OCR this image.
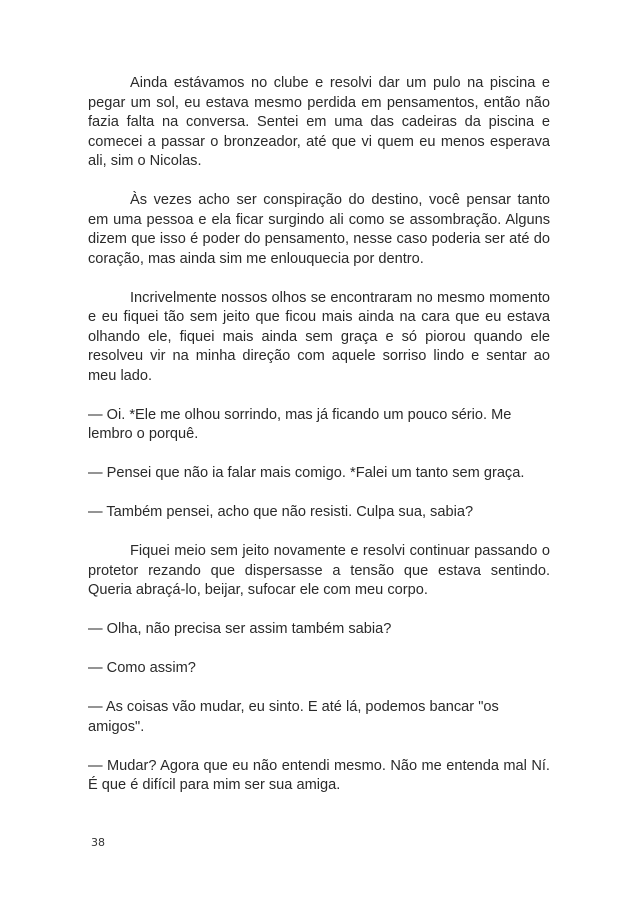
Ainda estávamos no clube e resolvi dar um pulo na piscina e pegar um sol, eu estava mesmo perdida em pensamentos, então não fazia falta na conversa. Sentei em uma das cadeiras da piscina e comecei a passar o bronzeador, até que vi quem eu menos esperava ali, sim o Nicolas.

Às vezes acho ser conspiração do destino, você pensar tanto em uma pessoa e ela ficar surgindo ali como se assombração. Alguns dizem que isso é poder do pensamento, nesse caso poderia ser até do coração, mas ainda sim me enlouquecia por dentro.

Incrivelmente nossos olhos se encontraram no mesmo momento e eu fiquei tão sem jeito que ficou mais ainda na cara que eu estava olhando ele, fiquei mais ainda sem graça e só piorou quando ele resolveu vir na minha direção com aquele sorriso lindo e sentar ao meu lado.

— Oi. *Ele me olhou sorrindo, mas já ficando um pouco sério. Me lembro o porquê.

— Pensei que não ia falar mais comigo. *Falei um tanto sem graça.

— Também pensei, acho que não resisti. Culpa sua, sabia?

Fiquei meio sem jeito novamente e resolvi continuar passando o protetor rezando que dispersasse a tensão que estava sentindo. Queria abraçá-lo, beijar, sufocar ele com meu corpo.

— Olha, não precisa ser assim também sabia?

— Como assim?

— As coisas vão mudar, eu sinto. E até lá, podemos bancar "os amigos".

— Mudar? Agora que eu não entendi mesmo. Não me entenda mal Ní. É que é difícil para mim ser sua amiga.

38
